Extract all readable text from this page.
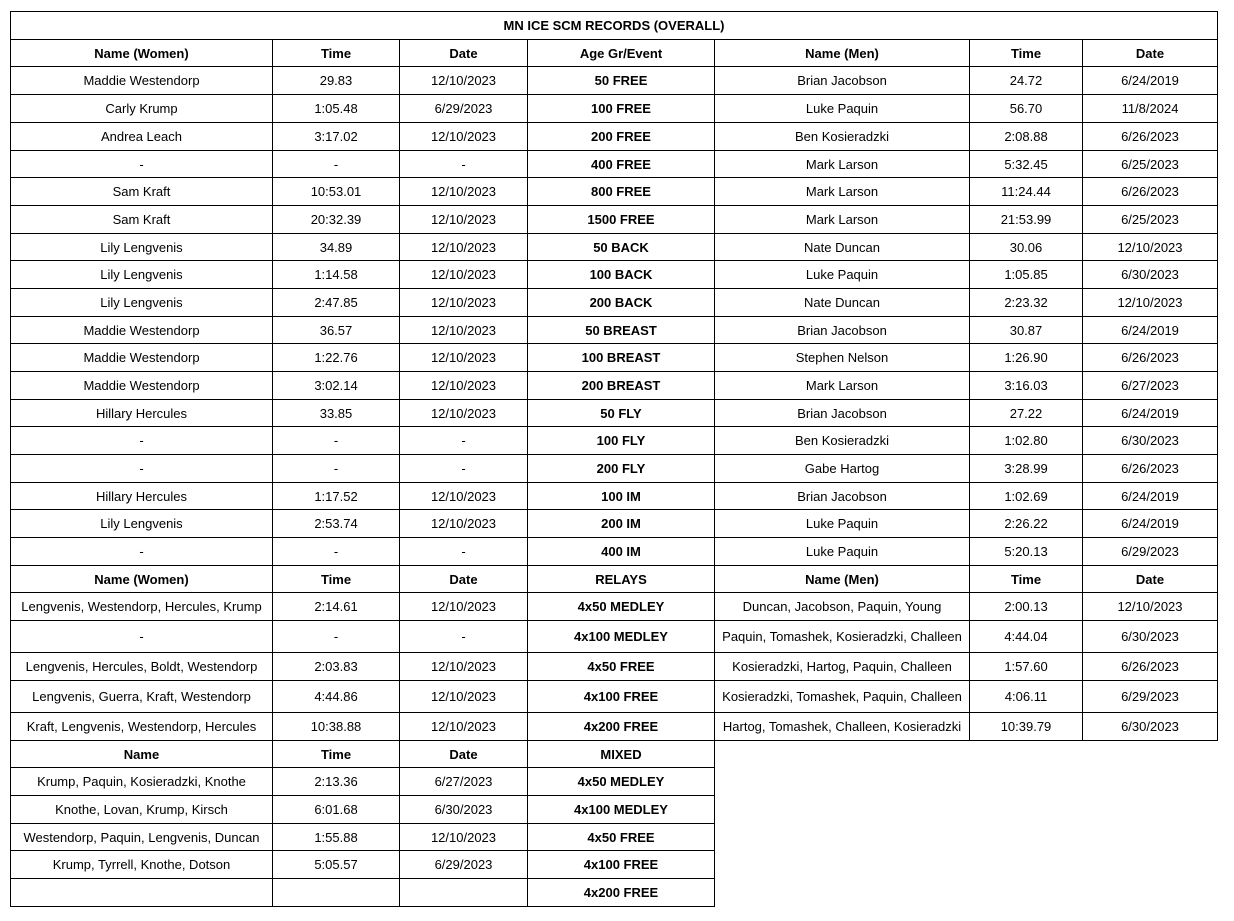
MN ICE SCM RECORDS (OVERALL)						
Name (Women)	Time	Date	Age Gr/Event	Name (Men)	Time	Date
Maddie Westendorp	29.83	12/10/2023	50 FREE	Brian Jacobson	24.72	6/24/2019
Carly Krump	1:05.48	6/29/2023	100 FREE	Luke Paquin	56.70	11/8/2024
Andrea Leach	3:17.02	12/10/2023	200 FREE	Ben Kosieradzki	2:08.88	6/26/2023
-	-	-	400 FREE	Mark Larson	5:32.45	6/25/2023
Sam Kraft	10:53.01	12/10/2023	800 FREE	Mark Larson	11:24.44	6/26/2023
Sam Kraft	20:32.39	12/10/2023	1500 FREE	Mark Larson	21:53.99	6/25/2023
Lily Lengvenis	34.89	12/10/2023	50 BACK	Nate Duncan	30.06	12/10/2023
Lily Lengvenis	1:14.58	12/10/2023	100 BACK	Luke Paquin	1:05.85	6/30/2023
Lily Lengvenis	2:47.85	12/10/2023	200 BACK	Nate Duncan	2:23.32	12/10/2023
Maddie Westendorp	36.57	12/10/2023	50 BREAST	Brian Jacobson	30.87	6/24/2019
Maddie Westendorp	1:22.76	12/10/2023	100 BREAST	Stephen Nelson	1:26.90	6/26/2023
Maddie Westendorp	3:02.14	12/10/2023	200 BREAST	Mark Larson	3:16.03	6/27/2023
Hillary Hercules	33.85	12/10/2023	50 FLY	Brian Jacobson	27.22	6/24/2019
-	-	-	100 FLY	Ben Kosieradzki	1:02.80	6/30/2023
-	-	-	200 FLY	Gabe Hartog	3:28.99	6/26/2023
Hillary Hercules	1:17.52	12/10/2023	100 IM	Brian Jacobson	1:02.69	6/24/2019
Lily Lengvenis	2:53.74	12/10/2023	200 IM	Luke Paquin	2:26.22	6/24/2019
-	-	-	400 IM	Luke Paquin	5:20.13	6/29/2023
Name (Women)	Time	Date	RELAYS	Name (Men)	Time	Date
Lengvenis, Westendorp, Hercules, Krump	2:14.61	12/10/2023	4x50 MEDLEY	Duncan, Jacobson, Paquin, Young	2:00.13	12/10/2023
-	-	-	4x100 MEDLEY	Paquin, Tomashek, Kosieradzki, Challeen	4:44.04	6/30/2023
Lengvenis, Hercules, Boldt, Westendorp	2:03.83	12/10/2023	4x50 FREE	Kosieradzki, Hartog, Paquin, Challeen	1:57.60	6/26/2023
Lengvenis, Guerra, Kraft, Westendorp	4:44.86	12/10/2023	4x100 FREE	Kosieradzki, Tomashek, Paquin, Challeen	4:06.11	6/29/2023
Kraft, Lengvenis, Westendorp, Hercules	10:38.88	12/10/2023	4x200 FREE	Hartog, Tomashek, Challeen, Kosieradzki	10:39.79	6/30/2023
Name	Time	Date	MIXED			
Krump, Paquin, Kosieradzki, Knothe	2:13.36	6/27/2023	4x50 MEDLEY			
Knothe, Lovan, Krump, Kirsch	6:01.68	6/30/2023	4x100 MEDLEY			
Westendorp, Paquin, Lengvenis, Duncan	1:55.88	12/10/2023	4x50 FREE			
Krump, Tyrrell, Knothe, Dotson	5:05.57	6/29/2023	4x100 FREE			
			4x200 FREE			
